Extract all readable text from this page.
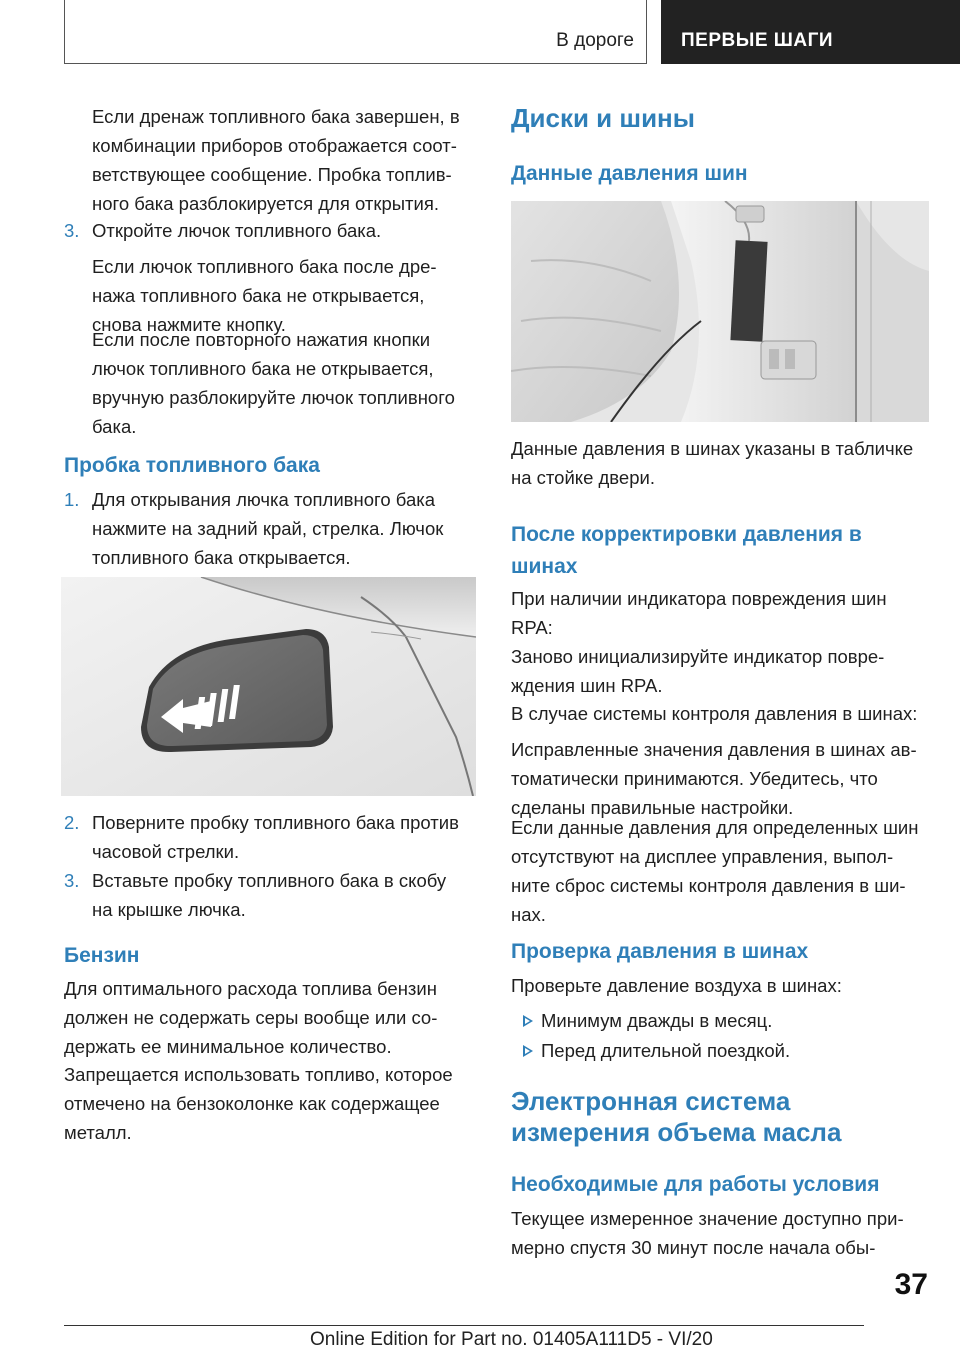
В дороге ПЕРВЫЕ ШАГИ

Если дренаж топливного бака завершен, в
комбинации приборов отображается соот-
ветствующее сообщение. Пробка топлив-
ного бака разблокируется для открытия.

3. Откройте лючок топливного бака.

Если лючок топливного бака после дре-
нажа топливного бака не открывается,
снова нажмите кнопку.

Если после повторного нажатия кнопки
лючок топливного бака не открывается,
вручную разблокируйте лючок топливного
бака.

Пробка топливного бака
1. Для открывания лючка топливного бака
нажмите на задний край, стрелка. Лючок
топливного бака открывается.

2. Поверните пробку топливного бака против
часовой стрелки.

3. Вставьте пробку топливного бака в скобу
на крышке лючка.

Бензин

Для оптимального расхода топлива бензин
должен не содержать серы вообще или со-
держать ее минимальное количество.

Запрещается использовать топливо, которое
отмечено на бензоколонке как содержащее
металл.

Диски и шины
Данные давления шин

Данные давления в шинах указаны в табличке
на стойке двери.

После корректировки давления в
шинах

При наличии индикатора повреждения шин
RPA:

Заново инициализируйте индикатор повре-
ждения шин RPA.

В случае системы контроля давления в шинах:

Исправленные значения давления в шинах ав-
томатически принимаются. Убедитесь, что
сделаны правильные настройки.

Если данные давления для определенных шин
отсутствуют на дисплее управления, выпол-
ните сброс системы контроля давления в ши-
нах.

Проверка давления в шинах

Проверьте давление воздуха в шинах:

Минимум дважды в месяц.

Перед длительной поездкой.

Электронная система
измерения объема масла
Необходимые для работы условия

Текущее измеренное значение доступно при-
мерно спустя 30 минут после начала обы-

37
Online Edition for Part no. 01405A111D5 - VI/20
